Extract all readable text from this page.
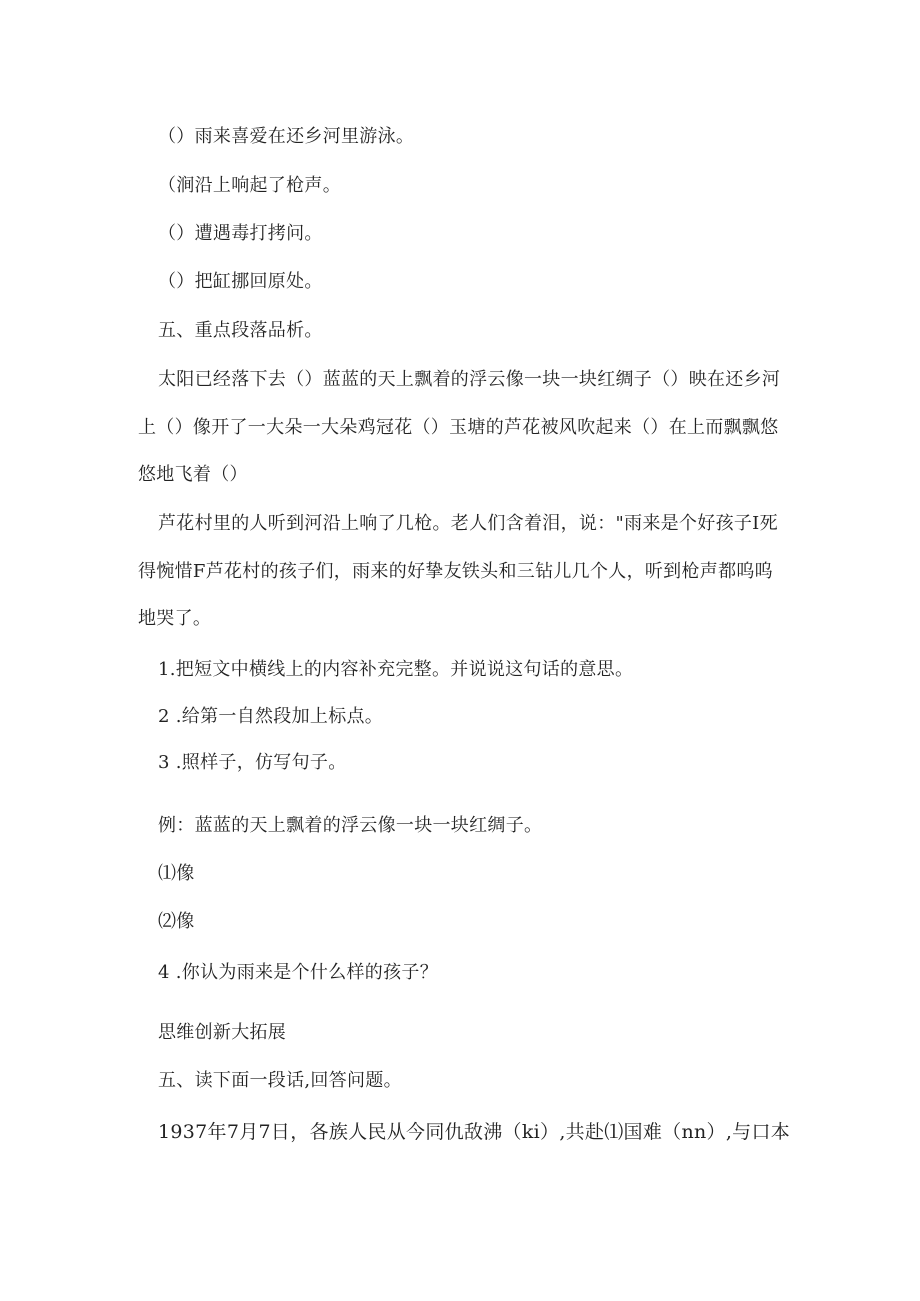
（）雨来喜爱在还乡河里游泳。
（涧沿上响起了枪声。
（）遭遇毒打拷问。
（）把缸挪回原处。
五、重点段落品析。
太阳已经落下去（）蓝蓝的天上飘着的浮云像一块一块红绸子（）映在还乡河
上（）像开了一大朵一大朵鸡冠花（）玉塘的芦花被风吹起来（）在上而飘飘悠
悠地飞着（）
芦花村里的人听到河沿上响了几枪。老人们含着泪，说："雨来是个好孩子I死
得惋惜F芦花村的孩子们，雨来的好挚友铁头和三钻儿几个人，听到枪声都呜呜
地哭了。
1.把短文中横线上的内容补充完整。并说说这句话的意思。
2 .给第一自然段加上标点。
3 .照样子，仿写句子。
例：蓝蓝的天上飘着的浮云像一块一块红绸子。
⑴像
⑵像
4 .你认为雨来是个什么样的孩子？
思维创新大拓展
五、读下面一段话,回答问题。
1937年7月7日，各族人民从今同仇敌沸（ki）,共赴⑴国难（nn）,与口本
